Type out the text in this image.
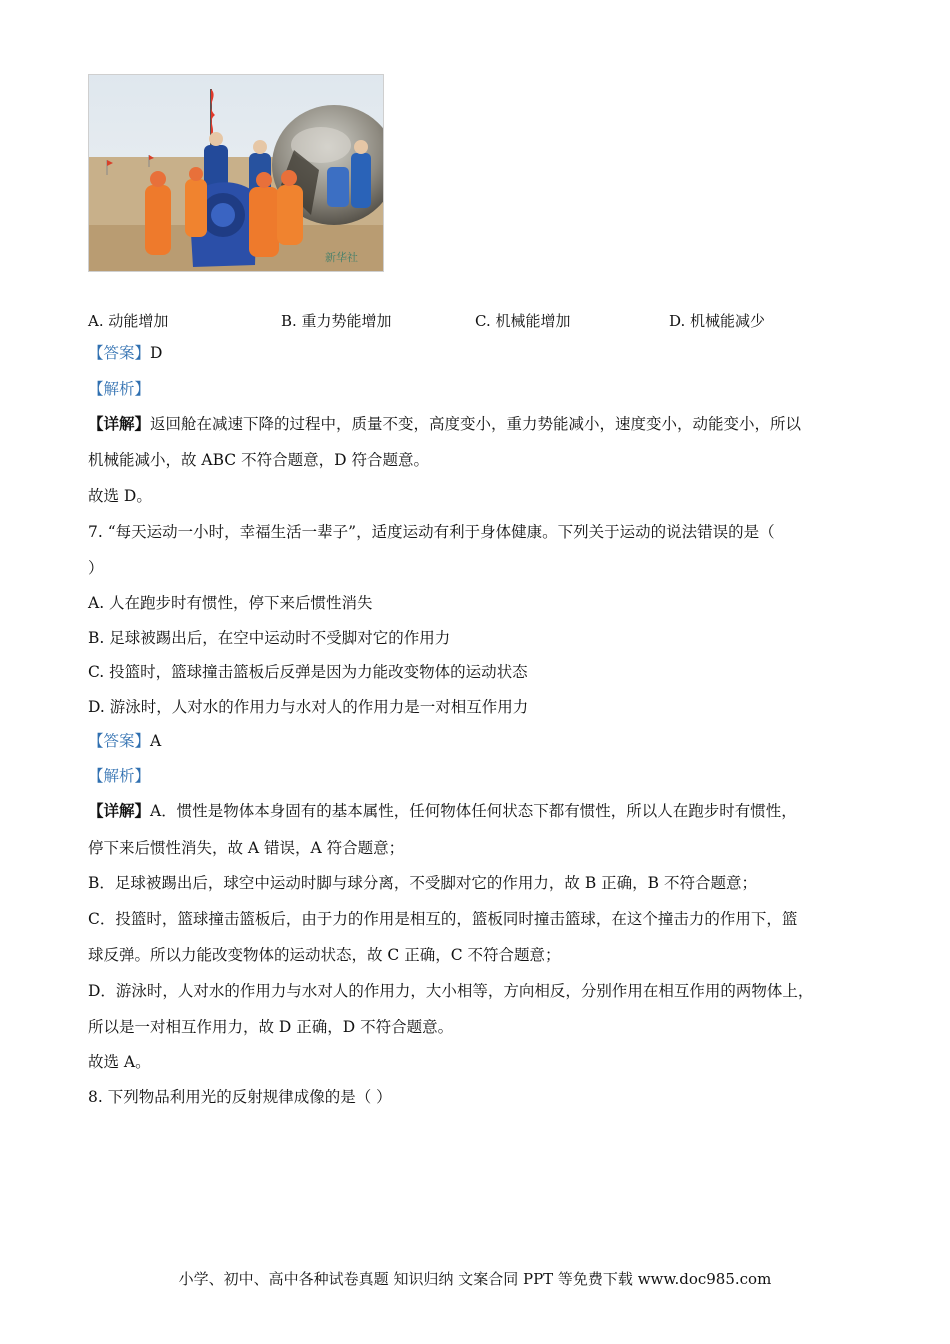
新华社
A. 动能增加	B. 重力势能增加	C. 机械能增加	D. 机械能减少
【答案】D
【解析】
【详解】返回舱在减速下降的过程中，质量不变，高度变小，重力势能减小，速度变小，动能变小，所以
机械能减小，故 ABC 不符合题意，D 符合题意。
故选 D。
7. “每天运动一小时，幸福生活一辈子”，适度运动有利于身体健康。下列关于运动的说法错误的是（
）
A. 人在跑步时有惯性，停下来后惯性消失
B. 足球被踢出后，在空中运动时不受脚对它的作用力
C. 投篮时，篮球撞击篮板后反弹是因为力能改变物体的运动状态
D. 游泳时，人对水的作用力与水对人的作用力是一对相互作用力
【答案】A
【解析】
【详解】A．惯性是物体本身固有的基本属性，任何物体任何状态下都有惯性，所以人在跑步时有惯性，
停下来后惯性消失，故 A 错误，A 符合题意；
B．足球被踢出后，球空中运动时脚与球分离，不受脚对它的作用力，故 B 正确，B 不符合题意；
C．投篮时，篮球撞击篮板后，由于力的作用是相互的，篮板同时撞击篮球，在这个撞击力的作用下，篮
球反弹。所以力能改变物体的运动状态，故 C 正确，C 不符合题意；
D．游泳时，人对水的作用力与水对人的作用力，大小相等，方向相反，分别作用在相互作用的两物体上，
所以是一对相互作用力，故 D 正确，D 不符合题意。
故选 A。
8. 下列物品利用光的反射规律成像的是（ ）
小学、初中、高中各种试卷真题 知识归纳 文案合同 PPT 等免费下载 www.doc985.com
